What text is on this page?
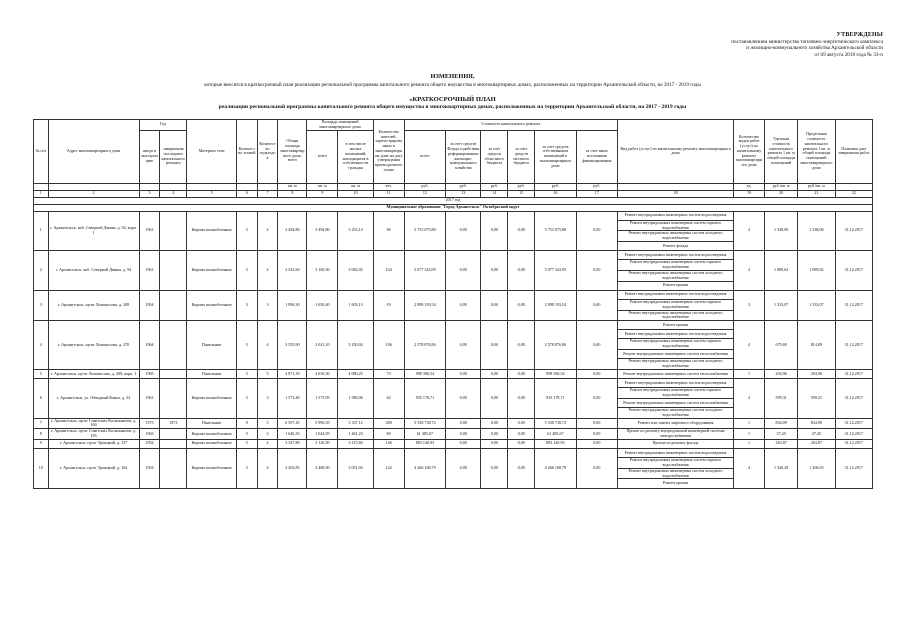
УТВЕРЖДЕНЫ
постановлением министерства топливно-энергетического комплекса
и жилищно-коммунального хозяйства Архангельской области
от 09 августа 2018 года № 33-п
ИЗМЕНЕНИЯ,
которые вносятся в краткосрочный план реализации региональной программы капитального ремонта общего имущества в многоквартирных домах, расположенных на территории Архангельской области, на 2017 - 2019 годы
«КРАТКОСРОЧНЫЙ ПЛАН
реализации региональной программы капитального ремонта общего имущества в многоквартирных домах, расположенных на территории Архангельской области, на 2017 - 2019 годы
№ п/п	Адрес многоквартирного дома	Год		Материал стен	Количество этажей	Количество подъездов	Общая площадь многоквартирного дома, всего	Площадь помещений многоквартирного дома		Количество жителей, зарегистрированных в многоквартирном доме на дату утверждения краткосрочного плана	Стоимость капитального ремонта						Вид работ (услуг) по капитальному ремонту многоквартирного дома	Количество видов работ (услуг) по капитальному ремонту многоквартирного дома	Удельная стоимость капитального ремонта 1 кв. м общей площади помещений	Предельная стоимость капитального ремонта 1 кв. м общей площади помещений многоквартирного дома	Плановая дата завершения работ
		ввода в эксплуатацию	завершения последнего капитального ремонта					всего	в том числе жилых помещений, находящихся в собственности граждан		всего	за счет средств Фонда содействия реформированию жилищно-коммунального хозяйства	за счет средств областного бюджета	за счет средств местного бюджета	за счет средств собственников помещений в многоквартирном доме	за счет иных источников финансирования					
							кв. м	кв. м	кв. м	чел.	руб.	руб.	руб.	руб.	руб.	руб.		ед.	руб./кв. м	руб./кв. м	
1	2	3	4	5	6	7	8	9	10	11	12	13	14	15	16	17	18	19	20	21	22
2017 год																					
Муниципальное образование "Город Архангельск" Октябрьский округ																					
1	г. Архангельск, наб. Северной Двины, д. 92, корп. 1	1961		Кирпич шлакоблочные	5	4	3 494,80	3 494,80	3 253,14	84	5 753 075,80	0,00	0,00	0,00	5 753 075,80	0,00	Ремонт внутридомовых инженерных систем водоотведения	4	1 338,06	1 338,06	31.12.2017
																	Ремонт внутридомовых инженерных систем горячего водоснабжения				
																	Ремонт внутридомовых инженерных систем холодного водоснабжения				
																	Ремонт фасада				
2	г. Архангельск, наб. Северной Двины, д. 94	1961		Кирпич шлакоблочные	5	4	3 543,60	3 160,30	3 062,02	144	5 077 343,95	0,00	0,00	0,00	5 077 343,95	0,00	Ремонт внутридомовых инженерных систем водоотведения	4	1 089,62	1 089,62	31.12.2017
																	Ремонт внутридомовых инженерных систем горячего водоснабжения				
																	Ремонт внутридомовых инженерных систем холодного водоснабжения				
																	Ремонт крыши				
3	г. Архангельск, пр-кт Ломоносова, д. 208	1954		Кирпич шлакоблочные	3	3	1 896,30	1 650,40	1 603,13	19	2 898 193,54	0,00	0,00	0,00	2 898 193,54	0,00	Ремонт внутридомовых инженерных систем водоотведения	3	1 533,07	1 533,07	31.12.2017
																	Ремонт внутридомовых инженерных систем горячего водоснабжения				
																	Ремонт внутридомовых инженерных систем холодного водоснабжения				
4	г. Архангельск, пр-кт Ломоносова, д. 270	1964		Панельные	5	4	3 555,90	3 021,10	3 250,04	196	2 578 876,86	0,00	0,00	0,00	2 578 876,86	0,00	Ремонт крыши	4	679,69	814,89	31.12.2017
																	Ремонт внутридомовых инженерных систем водоотведения				
																	Ремонт внутридомовых инженерных систем горячего водоснабжения				
																	Ремонт внутридомовых инженерных систем теплоснабжения				
																	Ремонт внутридомовых инженерных систем холодного водоснабжения				
5	г. Архангельск, пр-кт Ломоносова, д. 209, корп. 1	1965		Панельные	5	5	4 871,30	4 016,30	4 080,25	73	998 396,54	0,00	0,00	0,00	998 396,54	0,00	Ремонт внутридомовых инженерных систем теплоснабжения	1	204,96	204,96	31.12.2017
6	г. Архангельск, ул. Обводный Канал, д. 34	1961		Кирпич шлакоблочные	5	3	1 573,40	1 573,95	1 580,06	62	935 178,71	0,00	0,00	0,00	935 178,71	0,00	Ремонт внутридомовых инженерных систем водоотведения	4	599,31	599,31	31.12.2017
																	Ремонт внутридомовых инженерных систем горячего водоснабжения				
																	Ремонт внутридомовых инженерных систем теплоснабжения				
																	Ремонт внутридомовых инженерных систем холодного водоснабжения				
7	г. Архангельск, пр-кт Советских Космонавтов, д. 160	1973	1973	Панельные	9	5	6 597,45	5 996,35	5 337,12	280	5 538 738,72	0,00	0,00	0,00	5 538 738,72	0,00	Ремонт или замена лифтового оборудования	1	834,09	834,09	31.12.2017
8	г. Архангельск, пр-кт Советских Космонавтов, д. 195	1963		Кирпич шлакоблочные	5	3	1 646,35	1 644,95	1 461,23	69	61 485,67	0,00	0,00	0,00	61 485,67	0,00	Прочие по ремонту внутридомовой инженерной системы электроснабжения	1	37,45	37,45	31.12.2017
9	г. Архангельск, пр-кт Троицкий, д. 157	1954		Кирпич шлакоблочные	5	4	3 347,80	3 126,50	3 215,84	146	883 140,93	0,00	0,00	0,00	883 140,93	0,00	Прочие по ремонту фасада	1	263,87	263,87	31.12.2017
10	г. Архангельск, пр-кт Троицкий, д. 104	1954		Кирпич шлакоблочные	5	4	3 263,85	3 468,30	3 051,04	142	4 266 168,79	0,00	0,00	0,00	4 266 168,79	0,00	Ремонт внутридомовых инженерных систем водоотведения	4	1 320,29	1 306,03	31.12.2017
																	Ремонт внутридомовых инженерных систем горячего водоснабжения				
																	Ремонт внутридомовых инженерных систем холодного водоснабжения				
																	Ремонт крыши				
